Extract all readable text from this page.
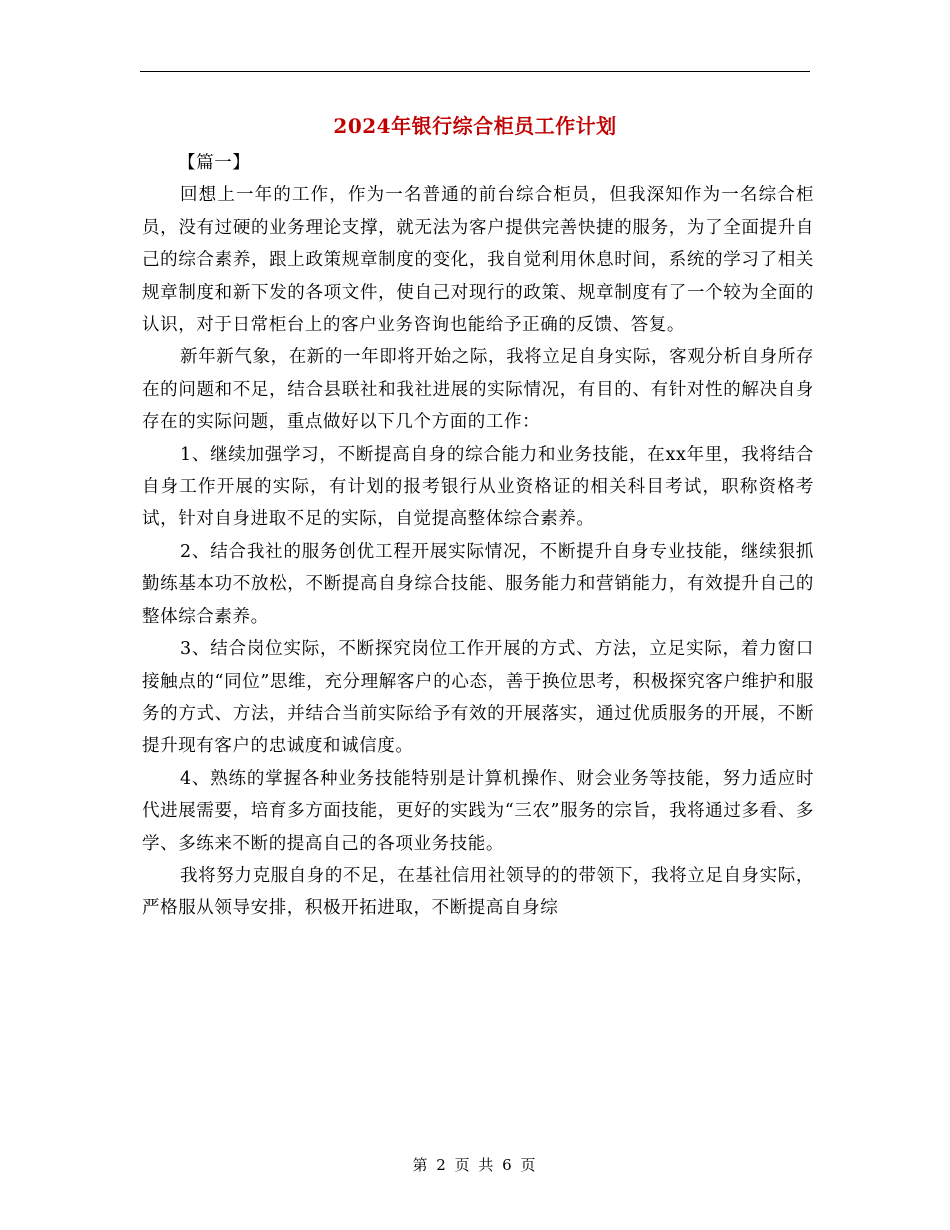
2024年银行综合柜员工作计划

【篇一】

回想上一年的工作，作为一名普通的前台综合柜员，但我深知作为一名综合柜员，没有过硬的业务理论支撑，就无法为客户提供完善快捷的服务，为了全面提升自己的综合素养，跟上政策规章制度的变化，我自觉利用休息时间，系统的学习了相关规章制度和新下发的各项文件，使自己对现行的政策、规章制度有了一个较为全面的认识，对于日常柜台上的客户业务咨询也能给予正确的反馈、答复。

新年新气象，在新的一年即将开始之际，我将立足自身实际，客观分析自身所存在的问题和不足，结合县联社和我社进展的实际情况，有目的、有针对性的解决自身存在的实际问题，重点做好以下几个方面的工作：

1、继续加强学习，不断提高自身的综合能力和业务技能，在xx年里，我将结合自身工作开展的实际，有计划的报考银行从业资格证的相关科目考试，职称资格考试，针对自身进取不足的实际，自觉提高整体综合素养。

2、结合我社的服务创优工程开展实际情况，不断提升自身专业技能，继续狠抓勤练基本功不放松，不断提高自身综合技能、服务能力和营销能力，有效提升自己的整体综合素养。

3、结合岗位实际，不断探究岗位工作开展的方式、方法，立足实际，着力窗口接触点的“同位”思维，充分理解客户的心态，善于换位思考，积极探究客户维护和服务的方式、方法，并结合当前实际给予有效的开展落实，通过优质服务的开展，不断提升现有客户的忠诚度和诚信度。

4、熟练的掌握各种业务技能特别是计算机操作、财会业务等技能，努力适应时代进展需要，培育多方面技能，更好的实践为“三农”服务的宗旨，我将通过多看、多学、多练来不断的提高自己的各项业务技能。

我将努力克服自身的不足，在基社信用社领导的的带领下，我将立足自身实际，严格服从领导安排，积极开拓进取，不断提高自身综

第 2 页 共 6 页
